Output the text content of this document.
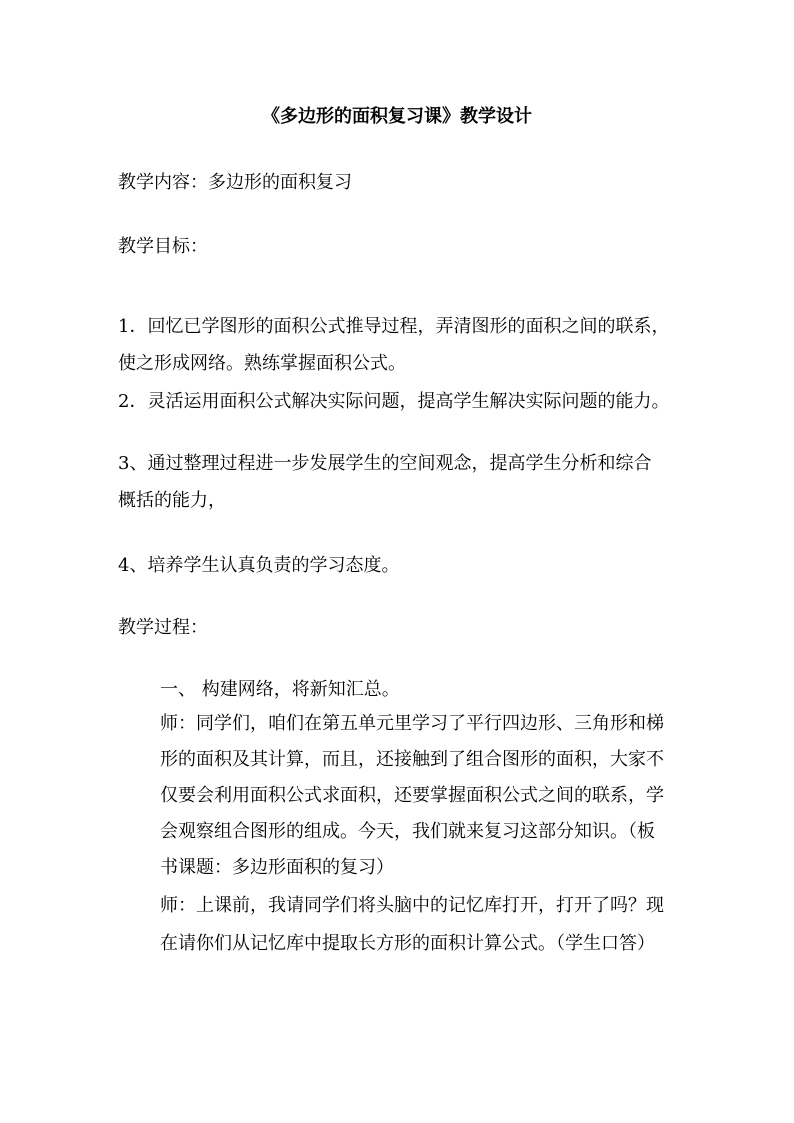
《多边形的面积复习课》教学设计
教学内容：多边形的面积复习
教学目标：
1．回忆已学图形的面积公式推导过程，弄清图形的面积之间的联系，
使之形成网络。熟练掌握面积公式。
2．灵活运用面积公式解决实际问题，提高学生解决实际问题的能力。
3、通过整理过程进一步发展学生的空间观念，提高学生分析和综合
概括的能力，
4、培养学生认真负责的学习态度。
教学过程：
一、 构建网络，将新知汇总。
师：同学们，咱们在第五单元里学习了平行四边形、三角形和梯
形的面积及其计算，而且，还接触到了组合图形的面积，大家不
仅要会利用面积公式求面积，还要掌握面积公式之间的联系，学
会观察组合图形的组成。今天，我们就来复习这部分知识。（板
书课题：多边形面积的复习）
师：上课前，我请同学们将头脑中的记忆库打开，打开了吗？现
在请你们从记忆库中提取长方形的面积计算公式。（学生口答）
